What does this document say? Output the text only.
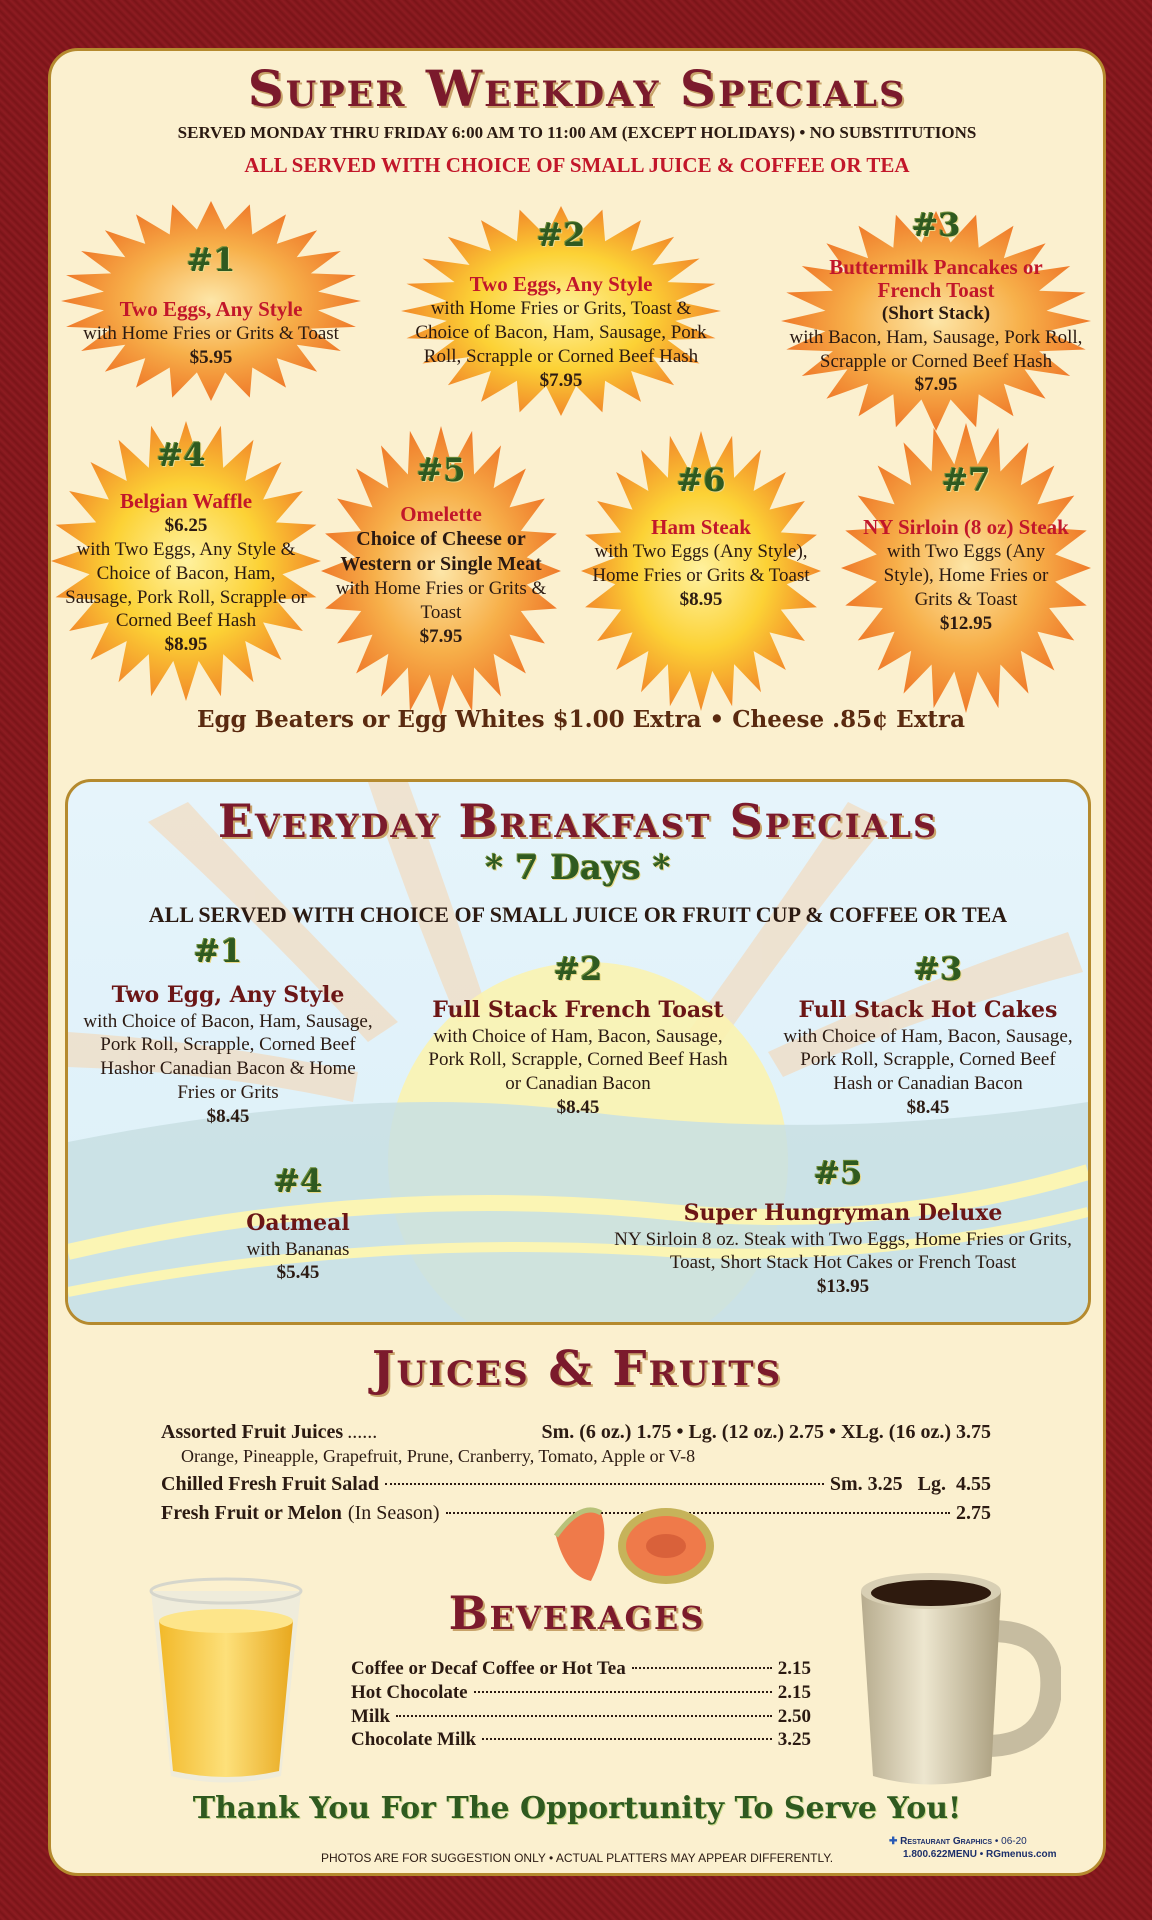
Super Weekday Specials
SERVED MONDAY THRU FRIDAY 6:00 AM TO 11:00 AM (EXCEPT HOLIDAYS) • NO SUBSTITUTIONS
ALL SERVED WITH CHOICE OF SMALL JUICE & COFFEE OR TEA
#1
Two Eggs, Any Style
with Home Fries or Grits & Toast
$5.95
#2
Two Eggs, Any Style
with Home Fries or Grits, Toast & Choice of Bacon, Ham, Sausage, Pork Roll, Scrapple or Corned Beef Hash
$7.95
#3
Buttermilk Pancakes or French Toast
(Short Stack)
with Bacon, Ham, Sausage, Pork Roll, Scrapple or Corned Beef Hash
$7.95
#4
Belgian Waffle
$6.25
with Two Eggs, Any Style & Choice of Bacon, Ham, Sausage, Pork Roll, Scrapple or Corned Beef Hash
$8.95
#5
Omelette
Choice of Cheese or Western or Single Meat
with Home Fries or Grits & Toast
$7.95
#6
Ham Steak
with Two Eggs (Any Style), Home Fries or Grits & Toast
$8.95
#7
NY Sirloin (8 oz) Steak
with Two Eggs (Any Style), Home Fries or Grits & Toast
$12.95
Egg Beaters or Egg Whites $1.00 Extra • Cheese .85¢ Extra
Everyday Breakfast Specials
* 7 Days *
ALL SERVED WITH CHOICE OF SMALL JUICE OR FRUIT CUP & COFFEE OR TEA
#1
Two Egg, Any Style
with Choice of Bacon, Ham, Sausage, Pork Roll, Scrapple, Corned Beef Hashor Canadian Bacon & Home Fries or Grits
$8.45
#2
Full Stack French Toast
with Choice of Ham, Bacon, Sausage, Pork Roll, Scrapple, Corned Beef Hash or Canadian Bacon
$8.45
#3
Full Stack Hot Cakes
with Choice of Ham, Bacon, Sausage, Pork Roll, Scrapple, Corned Beef Hash or Canadian Bacon
$8.45
#4
Oatmeal
with Bananas
$5.45
#5
Super Hungryman Deluxe
NY Sirloin 8 oz. Steak with Two Eggs, Home Fries or Grits, Toast, Short Stack Hot Cakes or French Toast
$13.95
Juices & Fruits
Assorted Fruit Juices ......	Sm. (6 oz.) 1.75 • Lg. (12 oz.) 2.75 • XLg. (16 oz.) 3.75
Orange, Pineapple, Grapefruit, Prune, Cranberry, Tomato, Apple or V-8
Chilled Fresh Fruit Salad	Sm. 3.25   Lg.  4.55
Fresh Fruit or Melon (In Season)	2.75
Beverages
Coffee or Decaf Coffee or Hot Tea	2.15
Hot Chocolate	2.15
Milk	2.50
Chocolate Milk	3.25
Thank You For The Opportunity To Serve You!
PHOTOS ARE FOR SUGGESTION ONLY • ACTUAL PLATTERS MAY APPEAR DIFFERENTLY.
✚ Restaurant Graphics • 06-20
1.800.622MENU • RGmenus.com
